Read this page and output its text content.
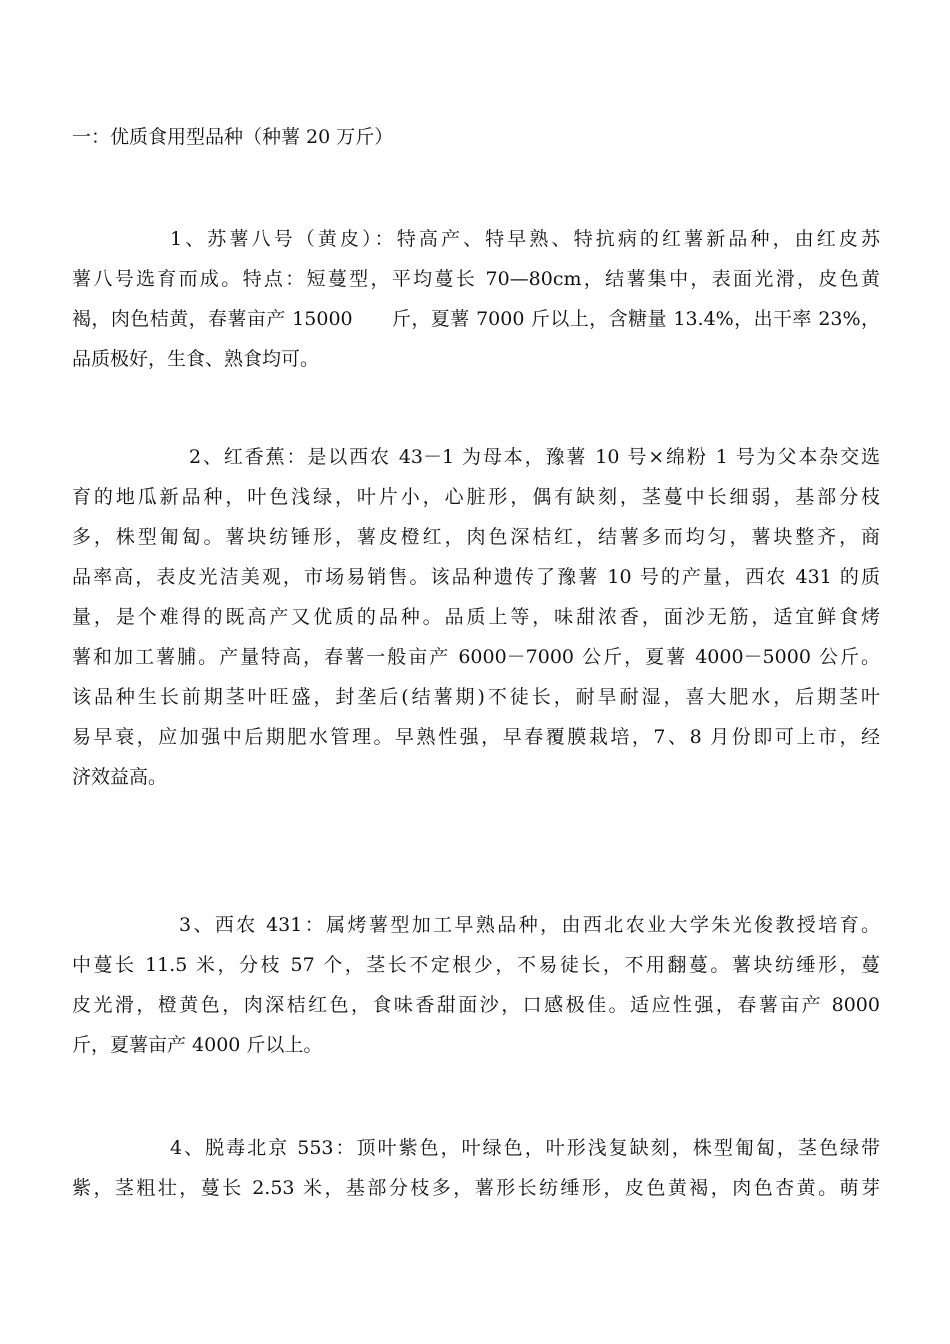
一：优质食用型品种（种薯 20 万斤）
1、苏薯八号（黄皮）：特高产、特早熟、特抗病的红薯新品种，由红皮苏
薯八号选育而成。特点：短蔓型，平均蔓长 70—80cm，结薯集中，表面光滑，皮色黄
褐，肉色桔黄，春薯亩产 15000　　斤，夏薯 7000 斤以上，含糖量 13.4%，出干率 23%，
品质极好，生食、熟食均可。
2、红香蕉：是以西农 43－1 为母本，豫薯 10 号×绵粉 1 号为父本杂交选
育的地瓜新品种，叶色浅绿，叶片小，心脏形，偶有缺刻，茎蔓中长细弱，基部分枝
多，株型匍匐。薯块纺锤形，薯皮橙红，肉色深桔红，结薯多而均匀，薯块整齐，商
品率高，表皮光洁美观，市场易销售。该品种遗传了豫薯 10 号的产量，西农 431 的质
量，是个难得的既高产又优质的品种。品质上等，味甜浓香，面沙无筋，适宜鲜食烤
薯和加工薯脯。产量特高，春薯一般亩产 6000－7000 公斤，夏薯 4000－5000 公斤。
该品种生长前期茎叶旺盛，封垄后(结薯期)不徒长，耐旱耐湿，喜大肥水，后期茎叶
易早衰，应加强中后期肥水管理。早熟性强，早春覆膜栽培，7、8 月份即可上市，经
济效益高。
3、西农 431：属烤薯型加工早熟品种，由西北农业大学朱光俊教授培育。
中蔓长 11.5 米，分枝 57 个，茎长不定根少，不易徒长，不用翻蔓。薯块纺缍形，蔓
皮光滑，橙黄色，肉深桔红色，食味香甜面沙，口感极佳。适应性强，春薯亩产 8000
斤，夏薯亩产 4000 斤以上。
4、脱毒北京 553：顶叶紫色，叶绿色，叶形浅复缺刻，株型匍匐，茎色绿带
紫，茎粗壮，蔓长 2.53 米，基部分枝多，薯形长纺缍形，皮色黄褐，肉色杏黄。萌芽
